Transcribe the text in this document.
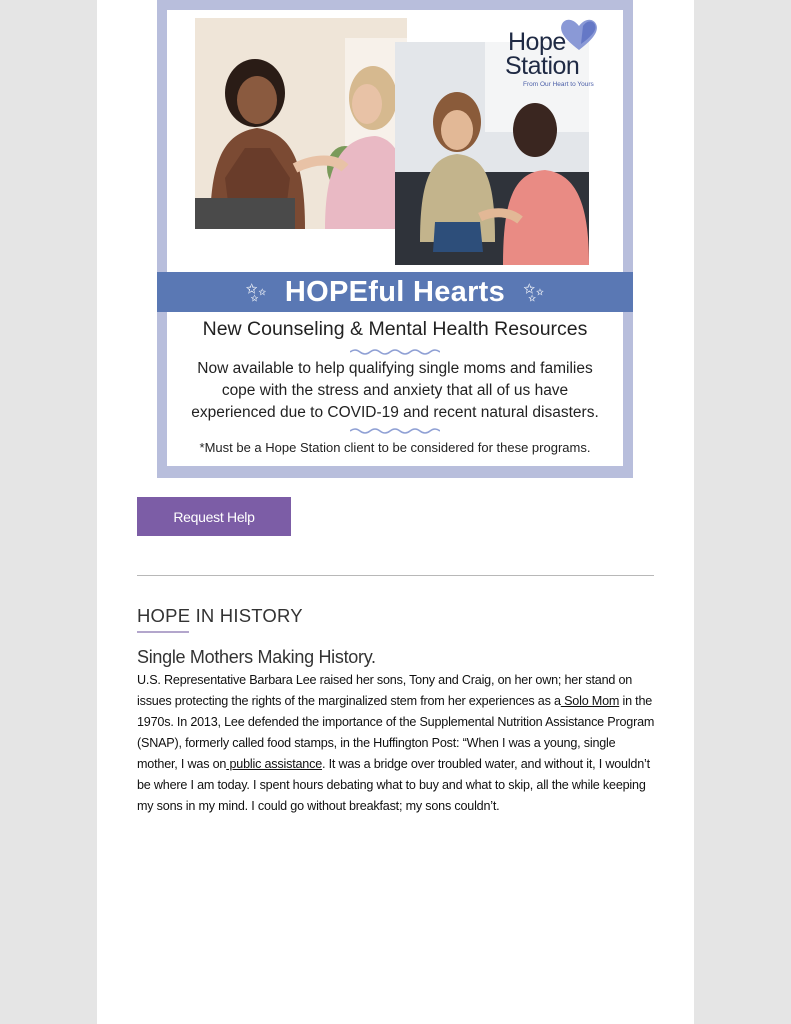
Hope
Station
From Our Heart to Yours
✨︎ HOPEful Hearts ✨︎
New Counseling & Mental Health Resources
Now available to help qualifying single moms and families
cope with the stress and anxiety that all of us have
experienced due to COVID-19 and recent natural disasters.
*Must be a Hope Station client to be considered for these programs.
Request Help
HOPE IN HISTORY
Single Mothers Making History.
U.S. Representative Barbara Lee raised her sons, Tony and Craig, on her own; her stand on issues protecting the rights of the marginalized stem from her experiences as a Solo Mom in the 1970s. In 2013, Lee defended the importance of the Supplemental Nutrition Assistance Program (SNAP), formerly called food stamps, in the Huffington Post: “When I was a young, single mother, I was on public assistance. It was a bridge over troubled water, and without it, I wouldn’t be where I am today. I spent hours debating what to buy and what to skip, all the while keeping my sons in my mind. I could go without breakfast; my sons couldn’t.
